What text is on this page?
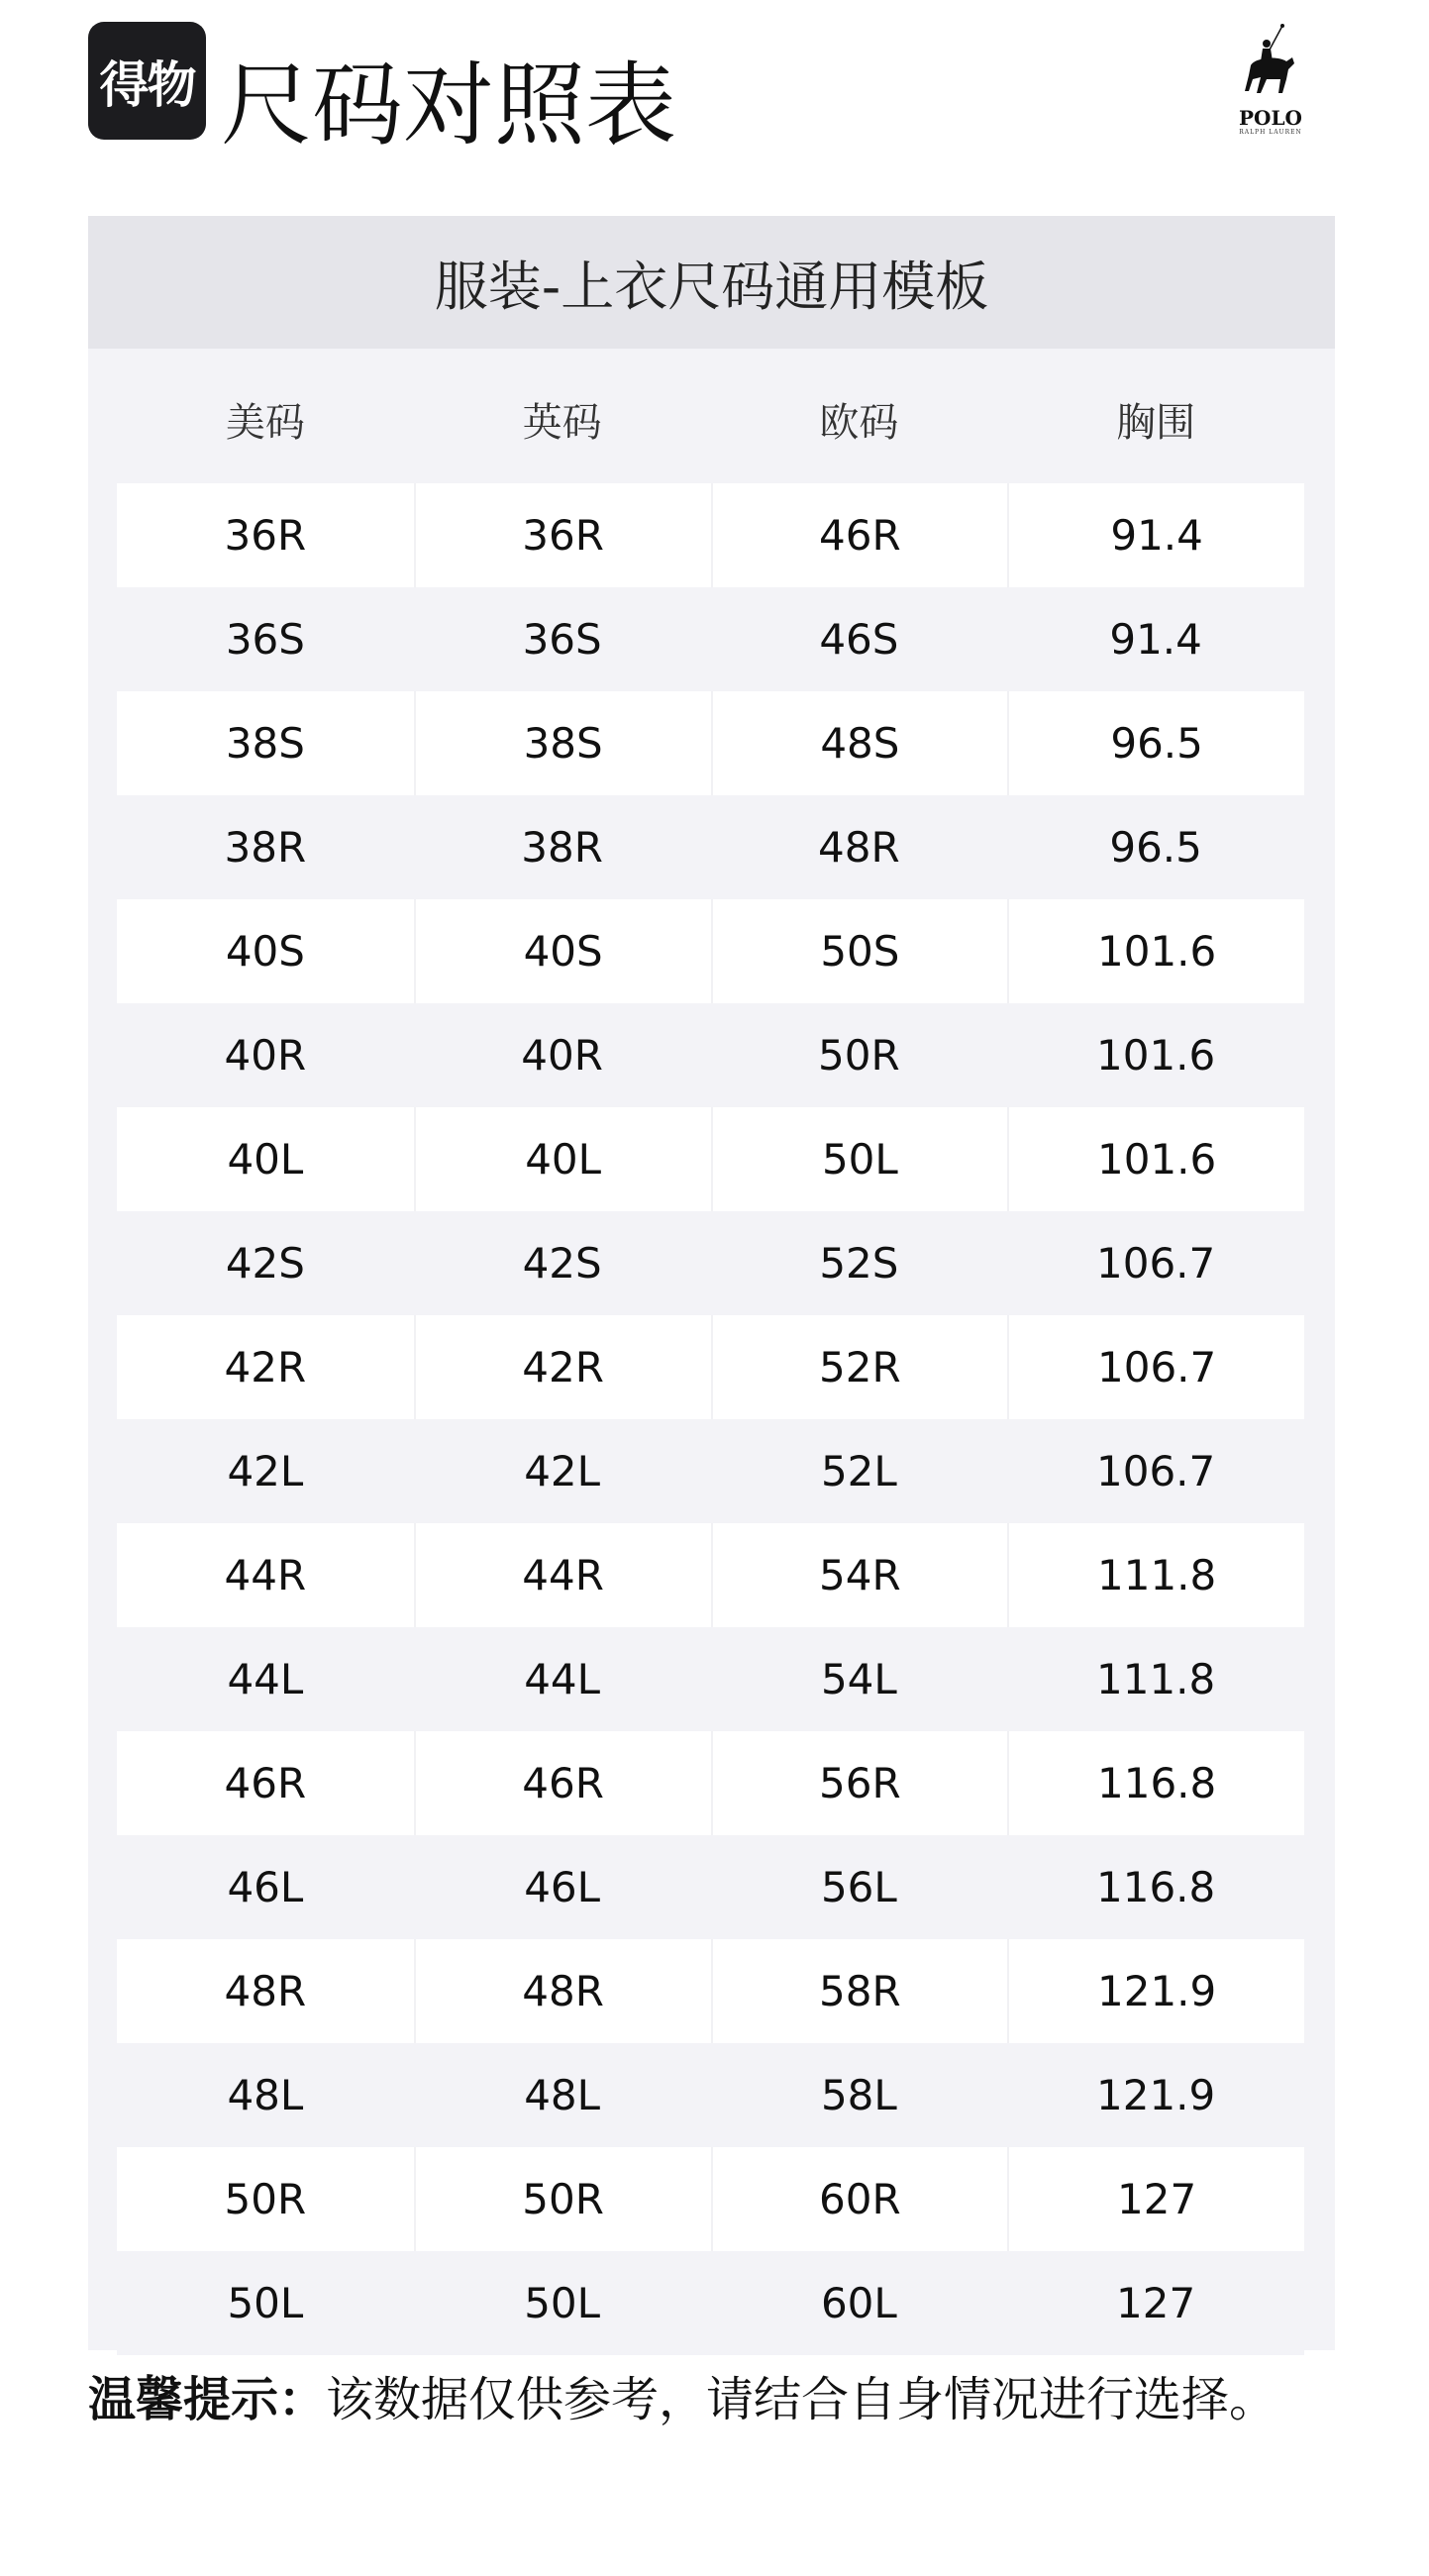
得物 尺码对照表	POLO
RALPH LAUREN
服装-上衣尺码通用模板
美码	英码	欧码	胸围
36R	36R	46R	91.4
36S	36S	46S	91.4
38S	38S	48S	96.5
38R	38R	48R	96.5
40S	40S	50S	101.6
40R	40R	50R	101.6
40L	40L	50L	101.6
42S	42S	52S	106.7
42R	42R	52R	106.7
42L	42L	52L	106.7
44R	44R	54R	111.8
44L	44L	54L	111.8
46R	46R	56R	116.8
46L	46L	56L	116.8
48R	48R	58R	121.9
48L	48L	58L	121.9
50R	50R	60R	127
50L	50L	60L	127
温馨提示：该数据仅供参考，请结合自身情况进行选择。
